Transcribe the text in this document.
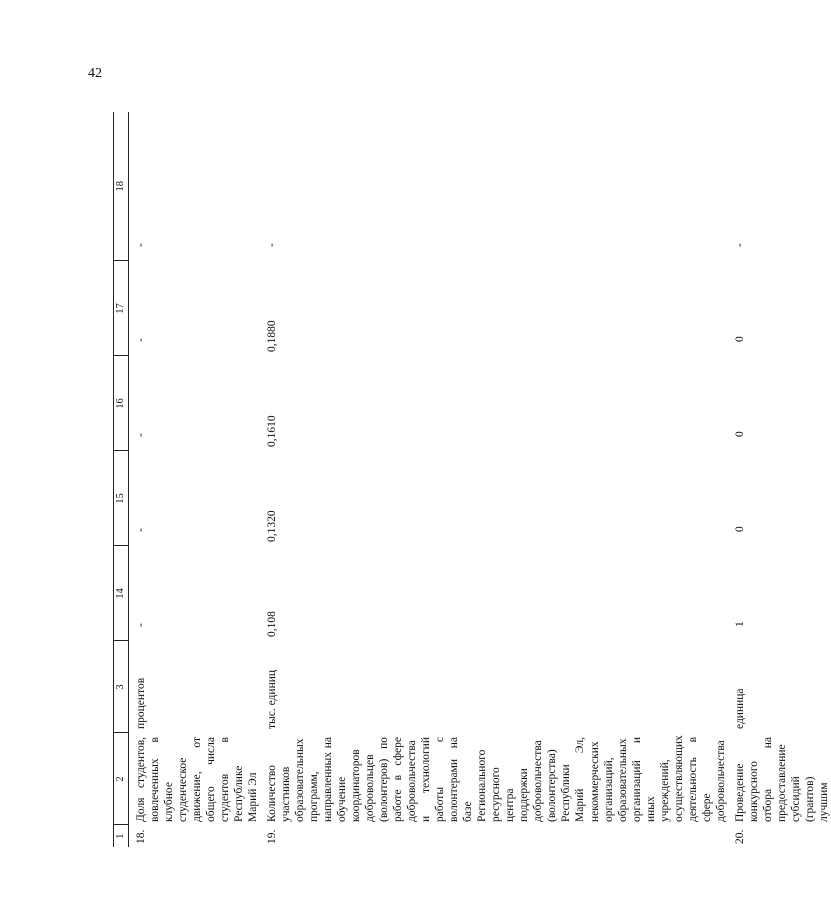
42
1	2	3	14	15	16	17	18
18.	Доля студентов, вовлеченных в клубное студенческое движение, от общего числа студентов в Республике Марий Эл	процентов	-	-	-	-	-
19.	Количество участников образовательных программ, направленных на обучение координаторов добровольцев (волонтеров) по работе в сфере добровольчества и технологий работы с волонтерами на базе Регионального ресурсного центра поддержки добровольчества (волонтерства) Республики Марий Эл, некоммерческих организаций, образовательных организаций и иных учреждений, осуществляющих деятельность в сфере добровольчества	тыс. единиц	0,108	0,1320	0,1610	0,1880	-
20.	Проведение конкурсного отбора на предоставление субсидий (грантов) лучшим	единица	1	0	0	0	-
